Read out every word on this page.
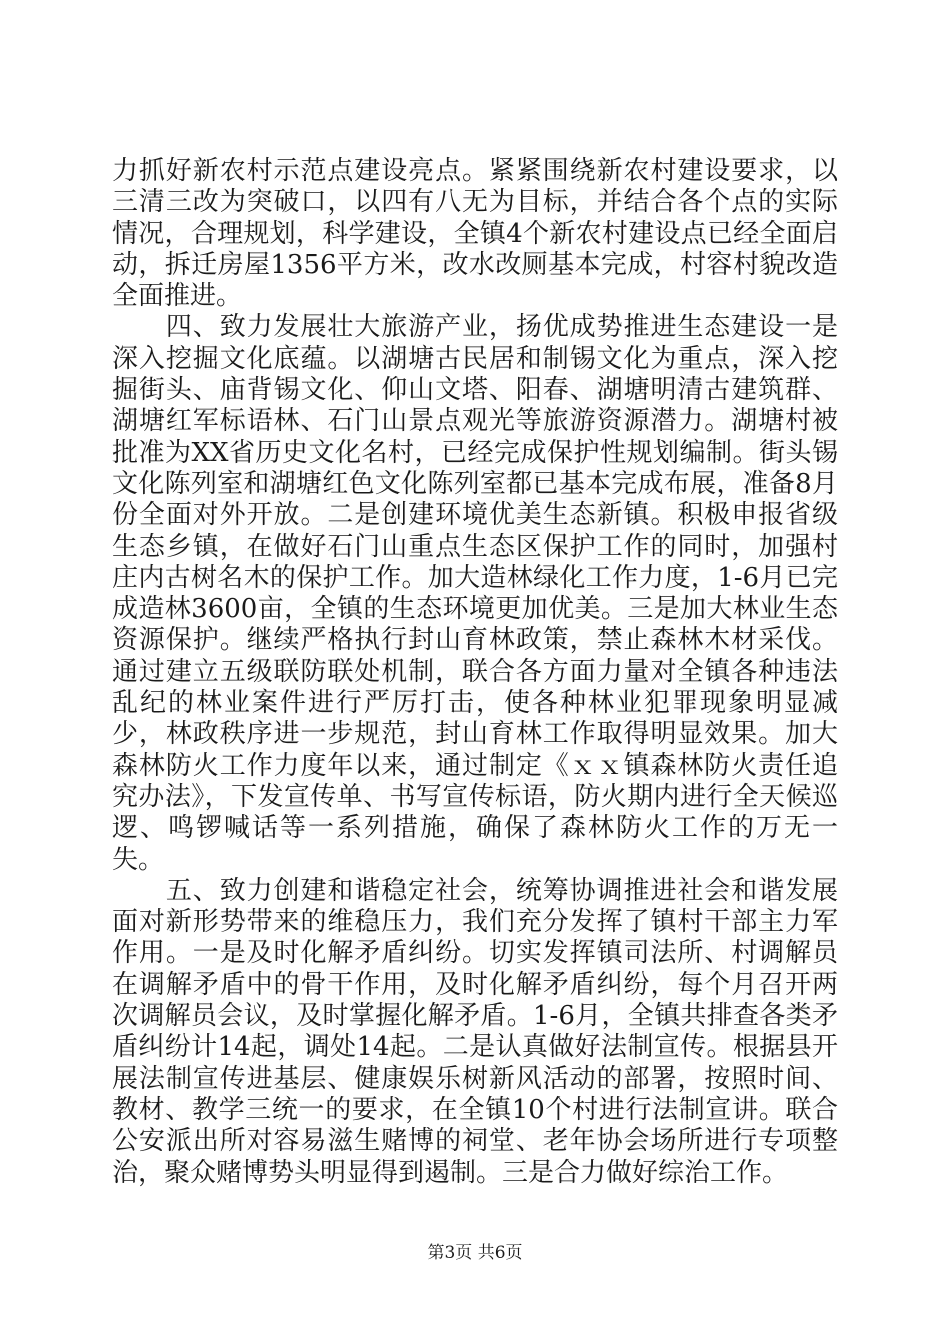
力抓好新农村示范点建设亮点。紧紧围绕新农村建设要求，以三清三改为突破口，以四有八无为目标，并结合各个点的实际情况，合理规划，科学建设，全镇4个新农村建设点已经全面启动，拆迁房屋1356平方米，改水改厕基本完成，村容村貌改造全面推进。

　　四、致力发展壮大旅游产业，扬优成势推进生态建设一是深入挖掘文化底蕴。以湖塘古民居和制锡文化为重点，深入挖掘街头、庙背锡文化、仰山文塔、阳春、湖塘明清古建筑群、湖塘红军标语林、石门山景点观光等旅游资源潜力。湖塘村被批准为XX省历史文化名村，已经完成保护性规划编制。街头锡文化陈列室和湖塘红色文化陈列室都已基本完成布展，准备8月份全面对外开放。二是创建环境优美生态新镇。积极申报省级生态乡镇，在做好石门山重点生态区保护工作的同时，加强村庄内古树名木的保护工作。加大造林绿化工作力度，1-6月已完成造林3600亩，全镇的生态环境更加优美。三是加大林业生态资源保护。继续严格执行封山育林政策，禁止森林木材采伐。通过建立五级联防联处机制，联合各方面力量对全镇各种违法乱纪的林业案件进行严厉打击，使各种林业犯罪现象明显减少，林政秩序进一步规范，封山育林工作取得明显效果。加大森林防火工作力度年以来，通过制定《ｘｘ镇森林防火责任追究办法》，下发宣传单、书写宣传标语，防火期内进行全天候巡逻、鸣锣喊话等一系列措施，确保了森林防火工作的万无一失。

　　五、致力创建和谐稳定社会，统筹协调推进社会和谐发展面对新形势带来的维稳压力，我们充分发挥了镇村干部主力军作用。一是及时化解矛盾纠纷。切实发挥镇司法所、村调解员在调解矛盾中的骨干作用，及时化解矛盾纠纷，每个月召开两次调解员会议，及时掌握化解矛盾。1-6月，全镇共排查各类矛盾纠纷计14起，调处14起。二是认真做好法制宣传。根据县开展法制宣传进基层、健康娱乐树新风活动的部署，按照时间、教材、教学三统一的要求，在全镇10个村进行法制宣讲。联合公安派出所对容易滋生赌博的祠堂、老年协会场所进行专项整治，聚众赌博势头明显得到遏制。三是合力做好综治工作。

第3页 共6页
